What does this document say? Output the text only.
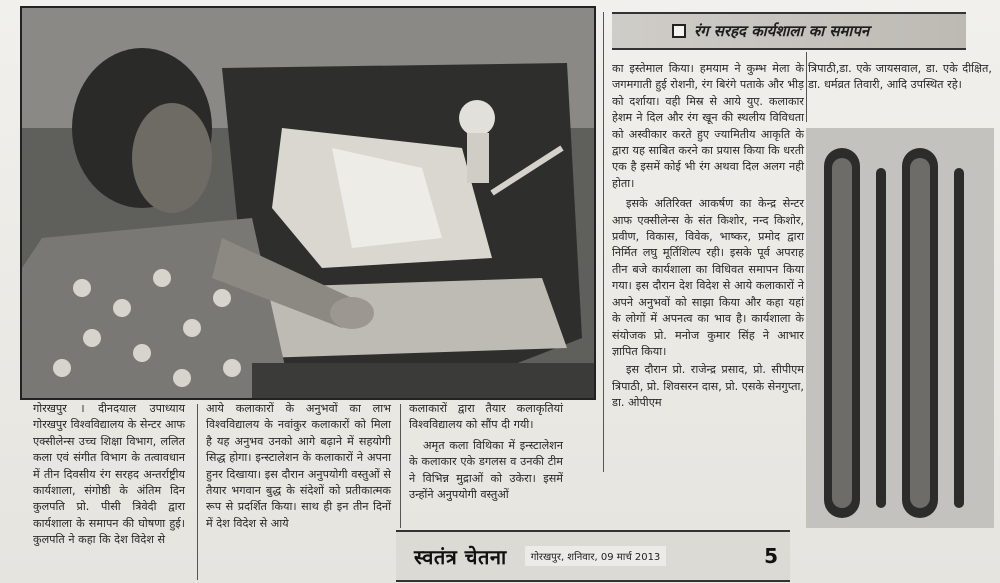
रंग सरहद कार्यशाला का समापन

गोरखपुर । दीनदयाल उपाध्याय गोरखपुर विश्वविद्यालय के सेन्टर आफ एक्सीलेन्स उच्च शिक्षा विभाग, ललित कला एवं संगीत विभाग के तत्वावधान में तीन दिवसीय रंग सरहद अन्तर्राष्ट्रीय कार्यशाला, संगोष्ठी के अंतिम दिन कुलपति प्रो. पीसी त्रिवेदी द्वारा कार्यशाला के समापन की घोषणा हुई। कुलपति ने कहा कि देश विदेश से

आये कलाकारों के अनुभवों का लाभ विश्वविद्यालय के नवांकुर कलाकारों को मिला है यह अनुभव उनको आगे बढ़ाने में सहयोगी सिद्ध होगा। इन्स्टालेशन के कलाकारों ने अपना हुनर दिखाया। इस दौरान अनुपयोगी वस्तुओं से तैयार भगवान बुद्ध के संदेशों को प्रतीकात्मक रूप से प्रदर्शित किया। साथ ही इन तीन दिनों में देश विदेश से आये

कलाकारों द्वारा तैयार कलाकृतियां विश्वविद्यालय को सौंप दी गयी।

अमृत कला विथिका में इन्स्टालेशन के कलाकार एके डगलस व उनकी टीम ने विभिन्न मुद्राओं को उकेरा। इसमें उन्होंने अनुपयोगी वस्तुओं

का इस्तेमाल किया। हमयाम ने कुम्भ मेला के जगमगाती हुई रोशनी, रंग बिरंगे पताके और भीड़ को दर्शाया। वही मिस्र से आये युए. कलाकार हेशम ने दिल और रंग खून की स्थलीय विविधता को अस्वीकार करते हुए ज्यामितीय आकृति के द्वारा यह साबित करने का प्रयास किया कि धरती एक है इसमें कोई भी रंग अथवा दिल अलग नही होता।

इसके अतिरिक्त आकर्षण का केन्द्र सेन्टर आफ एक्सीलेन्स के संत किशोर, नन्द किशोर, प्रवीण, विकास, विवेक, भाष्कर, प्रमोद द्वारा निर्मित लघु मूर्तिशिल्प रही। इसके पूर्व अपराह तीन बजे कार्यशाला का विधिवत समापन किया गया। इस दौरान देश विदेश से आये कलाकारों ने अपने अनुभवों को साझा किया और कहा यहां के लोगों में अपनत्व का भाव है। कार्यशाला के संयोजक प्रो. मनोज कुमार सिंह ने आभार ज्ञापित किया।

इस दौरान प्रो. राजेन्द्र प्रसाद, प्रो. सीपीएम त्रिपाठी, प्रो. शिवसरन दास, प्रो. एसके सेनगुप्ता, डा. ओपीएम

त्रिपाठी,डा. एके जायसवाल, डा. एके दीक्षित, डा. धर्मव्रत तिवारी, आदि उपस्थित रहे।

स्वतंत्र चेतना	गोरखपुर, शनिवार, 09 मार्च 2013	5
